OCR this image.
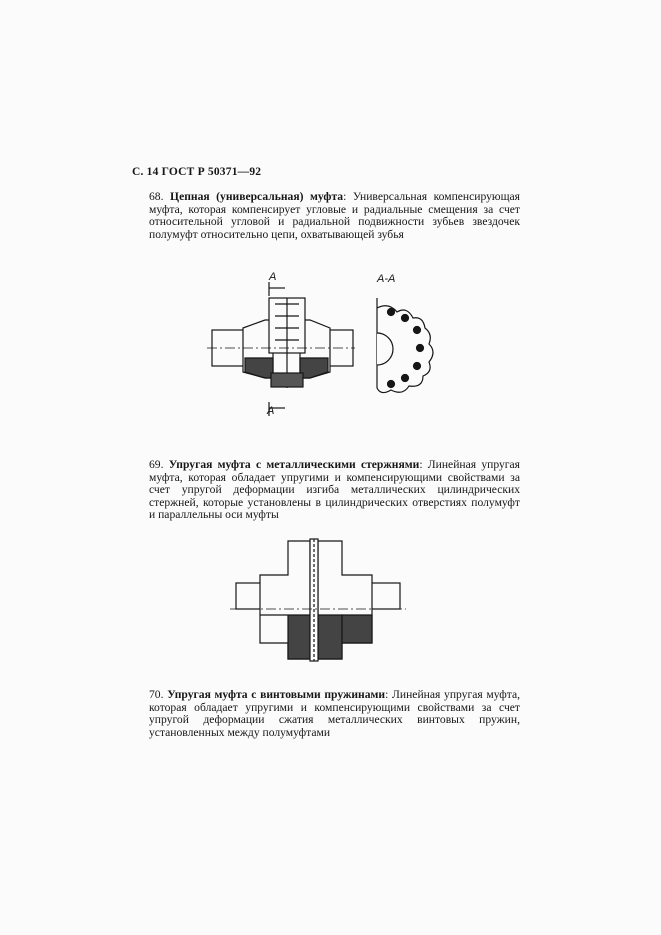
С. 14 ГОСТ Р 50371—92
68. Цепная (универсальная) муфта: Универсальная компенсирующая муфта, которая компенсирует угловые и радиальные смещения за счет относительной угловой и радиальной подвижности зубьев звездочек полумуфт относительно цепи, охватывающей зубья
A
A
A-A
69. Упругая муфта с металлическими стержнями: Линейная упругая муфта, которая обладает упругими и компенсирующими свойствами за счет упругой деформации изгиба металлических цилиндрических стержней, которые установлены в цилиндрических отверстиях полумуфт и параллельны оси муфты
70. Упругая муфта с винтовыми пружинами: Линейная упругая муфта, которая обладает упругими и компенсирующими свойствами за счет упругой деформации сжатия металлических винтовых пружин, установленных между полумуфтами
